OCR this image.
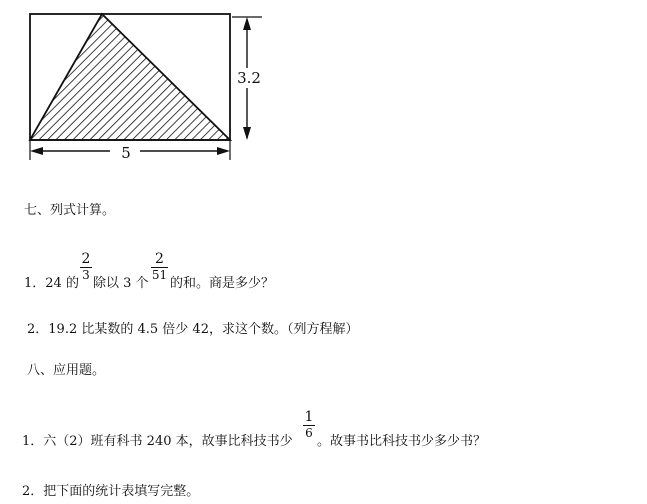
3.2
5
七、列式计算。
1．24 的
2
3
除以 3 个
2
51
的和。商是多少？
2．19.2 比某数的 4.5 倍少 42，求这个数。（列方程解）
八、应用题。
1．六（2）班有科书 240 本，故事比科技书少
1
6
。故事书比科技书少多少书？
2．把下面的统计表填写完整。
